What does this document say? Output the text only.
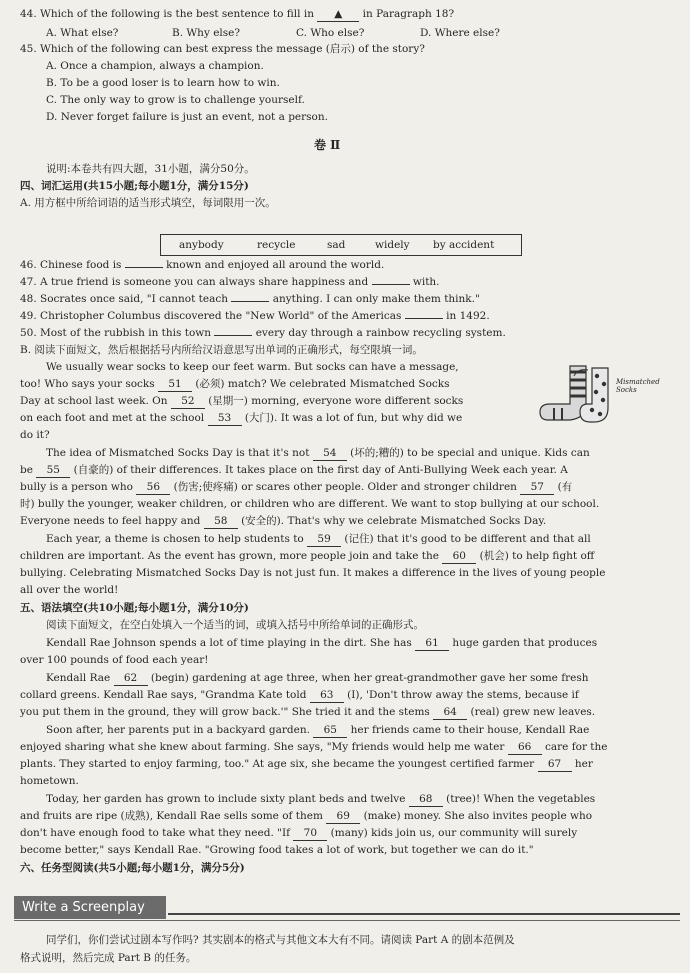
44. Which of the following is the best sentence to fill in ▲ in Paragraph 18?
A. What else?	B. Why else?	C. Who else?	D. Where else?
45. Which of the following can best express the message (启示) of the story?
A. Once a champion, always a champion.
B. To be a good loser is to learn how to win.
C. The only way to grow is to challenge yourself.
D. Never forget failure is just an event, not a person.
卷 Ⅱ
说明:本卷共有四大题，31小题，满分50分。
四、词汇运用(共15小题;每小题1分，满分15分)
A. 用方框中所给词语的适当形式填空，每词限用一次。
anybody	recycle	sad	widely by accident
46. Chinese food is	known and enjoyed all around the world.
47. A true friend is someone you can always share happiness and	with.
48. Socrates once said, "I cannot teach	anything. I can only make them think."
49. Christopher Columbus discovered the "New World" of the Americas	in 1492.
50. Most of the rubbish in this town	every day through a rainbow recycling system.
B. 阅读下面短文，然后根据括号内所给汉语意思写出单词的正确形式，每空限填一词。
Mismatched Socks
We usually wear socks to keep our feet warm. But socks can have a message,
too! Who says your socks 51 (必须) match? We celebrated Mismatched Socks
Day at school last week. On 52 (星期一) morning, everyone wore different socks
on each foot and met at the school 53 (大门). It was a lot of fun, but why did we
do it?
The idea of Mismatched Socks Day is that it's not 54 (坏的;糟的) to be special and unique. Kids can
be 55 (自豪的) of their differences. It takes place on the first day of Anti-Bullying Week each year. A
bully is a person who 56 (伤害;使疼痛) or scares other people. Older and stronger children 57 (有
时) bully the younger, weaker children, or children who are different. We want to stop bullying at our school.
Everyone needs to feel happy and 58 (安全的). That's why we celebrate Mismatched Socks Day.
Each year, a theme is chosen to help students to 59 (记住) that it's good to be different and that all
children are important. As the event has grown, more people join and take the 60 (机会) to help fight off
bullying. Celebrating Mismatched Socks Day is not just fun. It makes a difference in the lives of young people
all over the world!
五、语法填空(共10小题;每小题1分，满分10分)
阅读下面短文，在空白处填入一个适当的词，或填入括号中所给单词的正确形式。
Kendall Rae Johnson spends a lot of time playing in the dirt. She has 61 huge garden that produces
over 100 pounds of food each year!
Kendall Rae 62 (begin) gardening at age three, when her great-grandmother gave her some fresh
collard greens. Kendall Rae says, "Grandma Kate told 63 (I), 'Don't throw away the stems, because if
you put them in the ground, they will grow back.'" She tried it and the stems 64 (real) grew new leaves.
Soon after, her parents put in a backyard garden. 65 her friends came to their house, Kendall Rae
enjoyed sharing what she knew about farming. She says, "My friends would help me water 66 care for the
plants. They started to enjoy farming, too." At age six, she became the youngest certified farmer 67 her
hometown.
Today, her garden has grown to include sixty plant beds and twelve 68 (tree)! When the vegetables
and fruits are ripe (成熟), Kendall Rae sells some of them 69 (make) money. She also invites people who
don't have enough food to take what they need. "If 70 (many) kids join us, our community will surely
become better," says Kendall Rae. "Growing food takes a lot of work, but together we can do it."
六、任务型阅读(共5小题;每小题1分，满分5分)
Write a Screenplay
同学们，你们尝试过剧本写作吗? 其实剧本的格式与其他文本大有不同。请阅读 Part A 的剧本范例及
格式说明，然后完成 Part B 的任务。
